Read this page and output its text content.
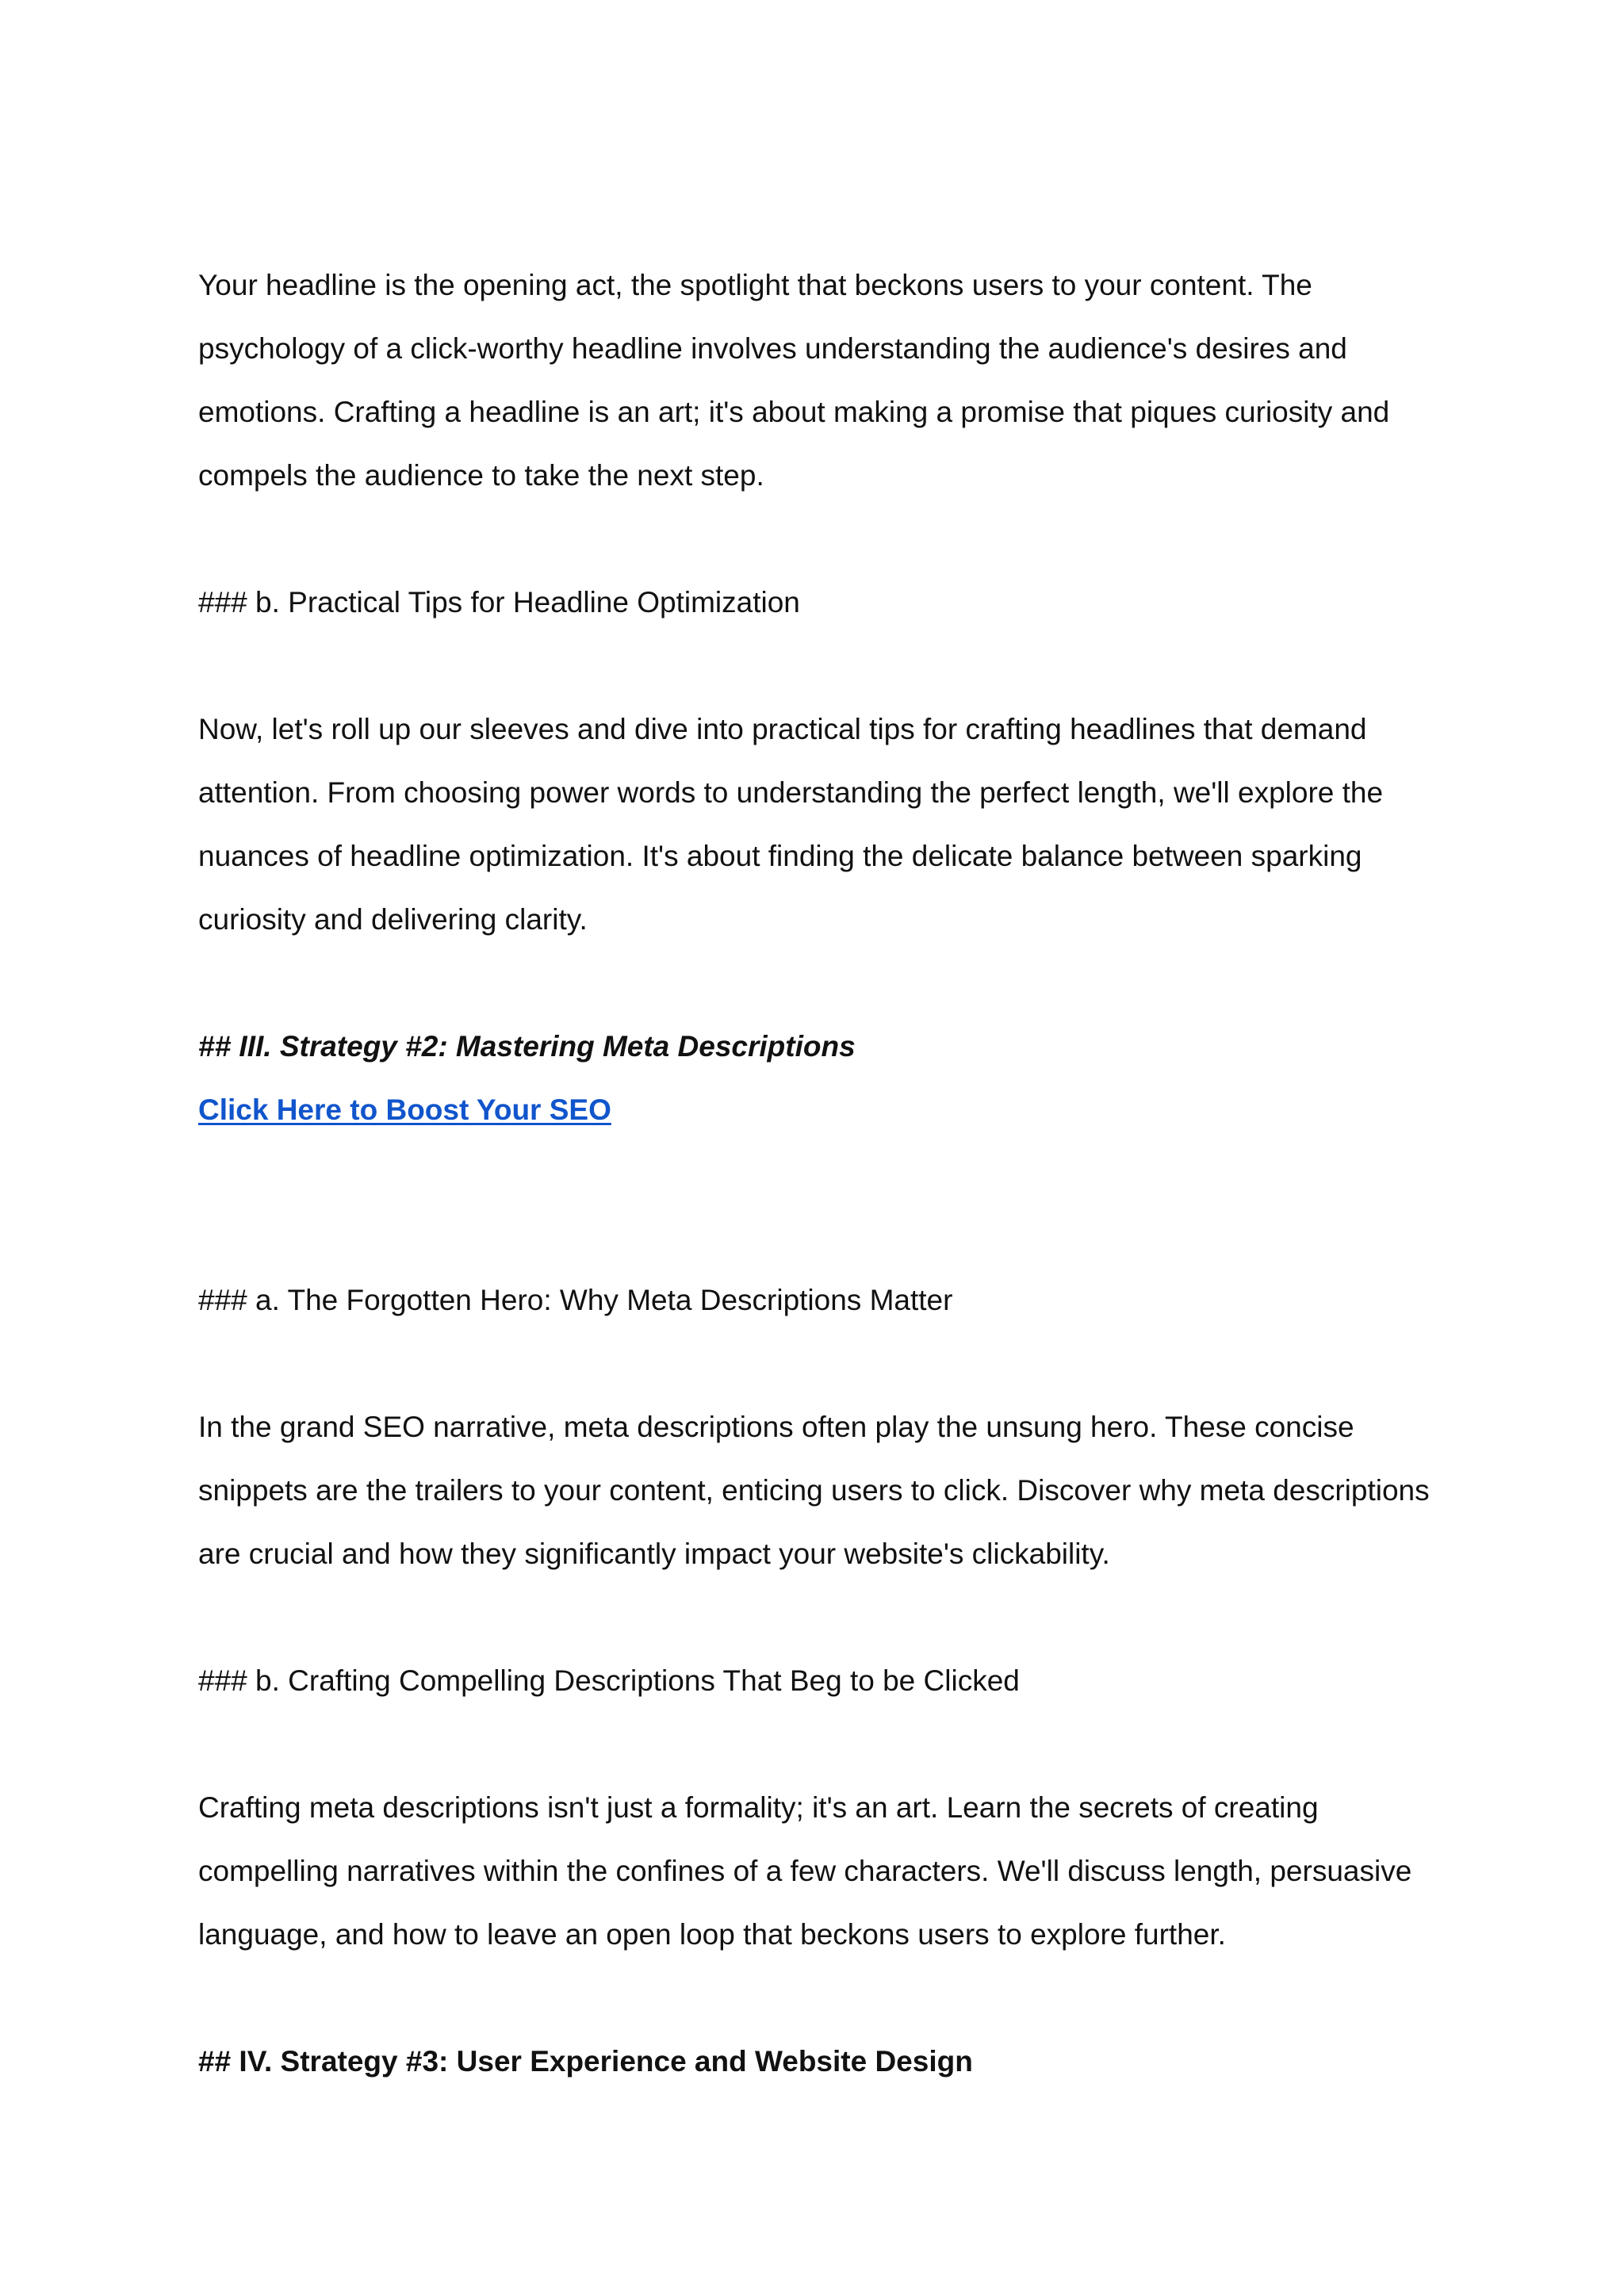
Your headline is the opening act, the spotlight that beckons users to your content. The psychology of a click-worthy headline involves understanding the audience's desires and emotions. Crafting a headline is an art; it's about making a promise that piques curiosity and compels the audience to take the next step.

### b. Practical Tips for Headline Optimization

Now, let's roll up our sleeves and dive into practical tips for crafting headlines that demand attention. From choosing power words to understanding the perfect length, we'll explore the nuances of headline optimization. It's about finding the delicate balance between sparking curiosity and delivering clarity.

## III. Strategy #2: Mastering Meta Descriptions

Click Here to Boost Your SEO

### a. The Forgotten Hero: Why Meta Descriptions Matter

In the grand SEO narrative, meta descriptions often play the unsung hero. These concise snippets are the trailers to your content, enticing users to click. Discover why meta descriptions are crucial and how they significantly impact your website's clickability.

### b. Crafting Compelling Descriptions That Beg to be Clicked

Crafting meta descriptions isn't just a formality; it's an art. Learn the secrets of creating compelling narratives within the confines of a few characters. We'll discuss length, persuasive language, and how to leave an open loop that beckons users to explore further.

## IV. Strategy #3: User Experience and Website Design
